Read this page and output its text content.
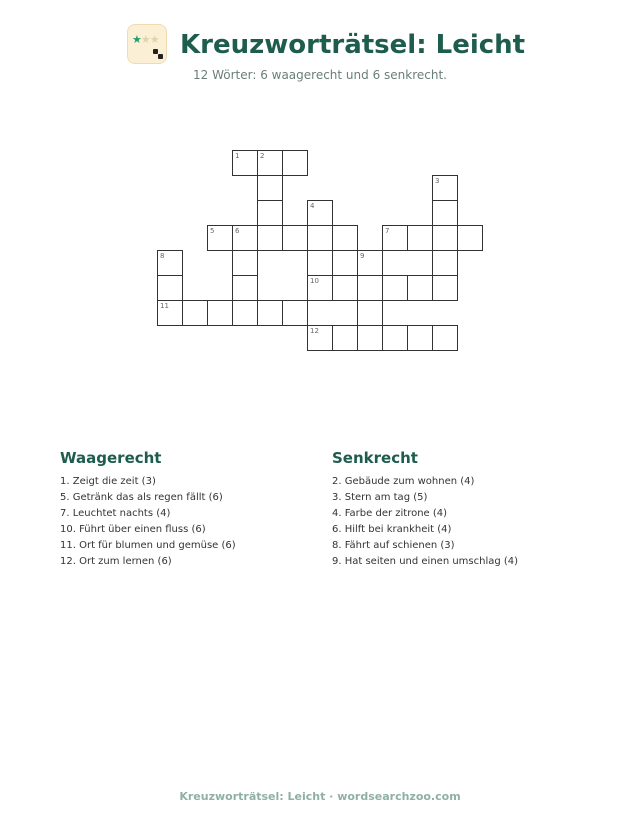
★★★ Kreuzworträtsel: Leicht
12 Wörter: 6 waagerecht und 6 senkrecht.
1	2
3
4
5	6	7
8	9
10
11
12
Waagerecht
1. Zeigt die zeit (3)
5. Getränk das als regen fällt (6)
7. Leuchtet nachts (4)
10. Führt über einen fluss (6)
11. Ort für blumen und gemüse (6)
12. Ort zum lernen (6)
Senkrecht
2. Gebäude zum wohnen (4)
3. Stern am tag (5)
4. Farbe der zitrone (4)
6. Hilft bei krankheit (4)
8. Fährt auf schienen (3)
9. Hat seiten und einen umschlag (4)
Kreuzworträtsel: Leicht · wordsearchzoo.com
